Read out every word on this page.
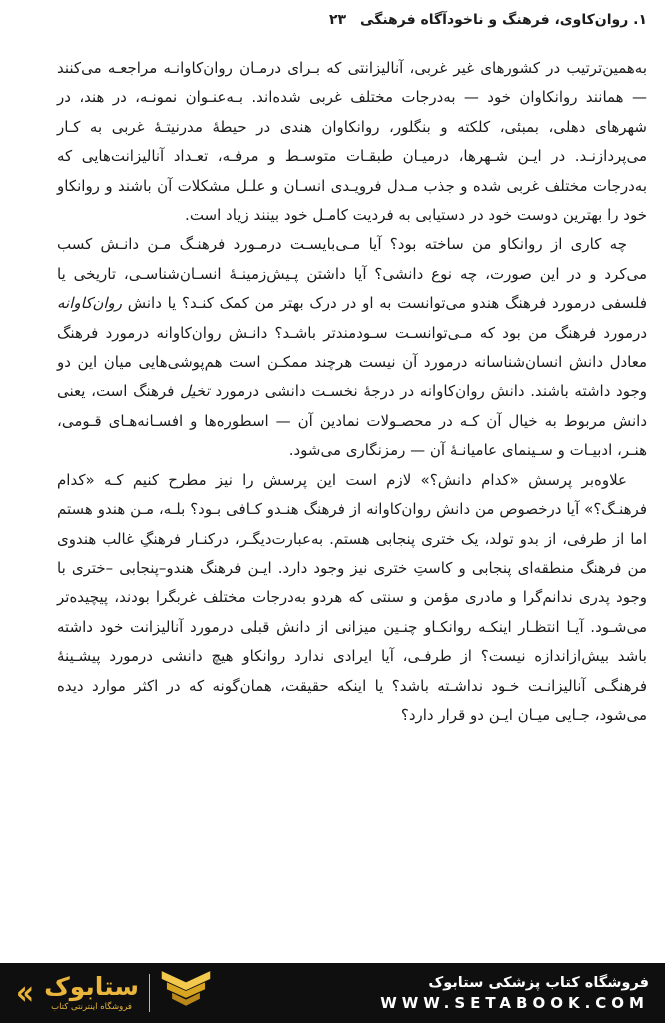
۱. روان‌کاوی، فرهنگ و ناخودآگاه فرهنگی۲۳

به‌همین‌ترتیب در کشورهای غیر غربی، آنالیزانتی که بـرای درمـان روان‌کاوانـه مراجعـه می‌کنند — همانند روانکاوان خود — به‌درجات مختلف غربی شده‌اند. بـه‌عنـوان نمونـه، در هند، در شهرهای دهلی، بمبئی، کلکته و بنگلور، روانکاوان هندی در حیطۀ مدرنیتـۀ غربی به کـار می‌پردازنـد. در ایـن شـهرها، درمیـان طبقـات متوسـط و مرفـه، تعـداد آنالیزانت‌هایی که به‌درجات مختلف غربی شده و جذب مـدل فرویـدی انسـان و علـل مشکلات آن باشند و روانکاو خود را بهترین دوست خود در دستیابی به فردیت کامـل خود بینند زیاد است.

چه کاری از روانکاو من ساخته بود؟ آیا مـی‌بایسـت درمـورد فرهنـگ مـن دانـش کسب می‌کرد و در این صورت، چه نوع دانشی؟ آیا داشتن پـیش‌زمینـۀ انسـان‌شناسـی، تاریخی یا فلسفی درمورد فرهنگ هندو می‌توانست به او در درک بهتر من کمک کنـد؟ یا دانش روان‌کاوانه درمورد فرهنگ من بود که مـی‌توانسـت سـودمندتر باشـد؟ دانـش روان‌کاوانه درمورد فرهنگ معادل دانش انسان‌شناسانه درمورد آن نیست هرچند ممکـن است هم‌پوشی‌هایی میان این دو وجود داشته باشند. دانش روان‌کاوانه در درجۀ نخسـت دانشی درمورد تخیل فرهنگ است، یعنی دانش مربوط به خیال آن کـه در محصـولات نمادین آن — اسطوره‌ها و افسـانه‌هـای قـومی، هنـر، ادبیـات و سـینمای عامیانـۀ آن — رمزنگاری می‌شود.

علاوه‌بر پرسش «کدام دانش؟» لازم است این پرسش را نیز مطرح کنیم کـه «کدام فرهنـگ؟» آیا درخصوص من دانش روان‌کاوانه از فرهنگ هنـدو کـافی بـود؟ بلـه، مـن هندو هستم اما از طرفی، از بدو تولد، یک ختری پنجابی هستم. به‌عبارت‌دیگـر، درکنـار فرهنگِ غالب هندوی من فرهنگ منطقه‌ای پنجابی و کاستِ ختری نیز وجود دارد. ایـن فرهنگ هندو–پنجابی –ختری با وجود پدری ندانم‌گرا و مادری مؤمن و سنتی که هردو به‌درجات مختلف غربگرا بودند، پیچیده‌تر می‌شـود. آیـا انتظـار اینکـه روانکـاو چنـین میزانی از دانش قبلی درمورد آنالیزانت خود داشته باشد بیش‌ازاندازه نیست؟ از طرفـی، آیا ایرادی ندارد روانکاو هیچ دانشی درمورد پیشـینۀ فرهنگـی آنالیزانـت خـود نداشـته باشد؟ یا اینکه حقیقت، همان‌گونه که در اکثر موارد دیده می‌شود، جـایی میـان ایـن دو قرار دارد؟

« ستابوک
فروشگاه اینترنتی کتاب
فروشگاه کتاب پزشکی ستابوک
WWW.SETABOOK.COM
